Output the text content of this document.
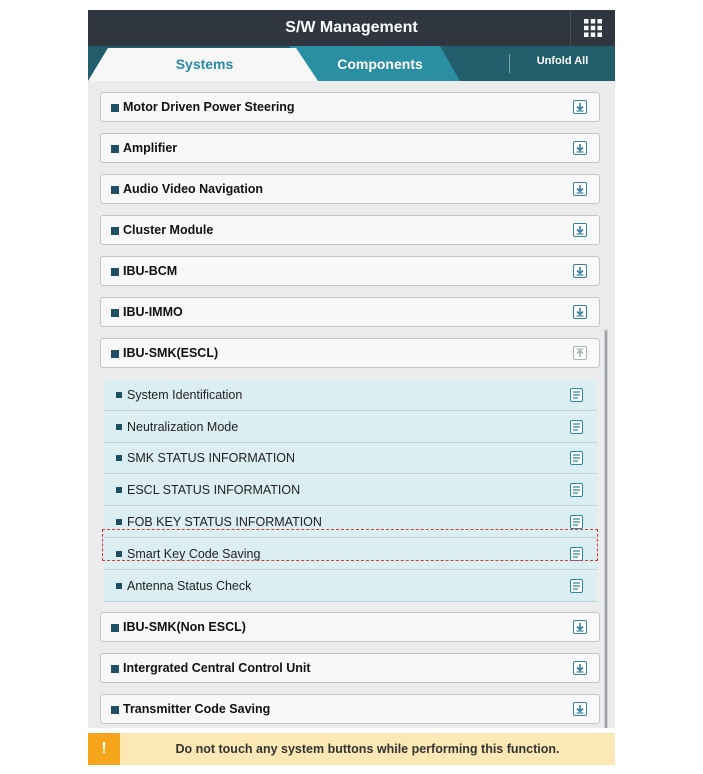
S/W Management
Systems	Components	Unfold All
Motor Driven Power Steering
Amplifier
Audio Video Navigation
Cluster Module
IBU-BCM
IBU-IMMO
IBU-SMK(ESCL)
System Identification
Neutralization Mode
SMK STATUS INFORMATION
ESCL STATUS INFORMATION
FOB KEY STATUS INFORMATION
Smart Key Code Saving
Antenna Status Check
IBU-SMK(Non ESCL)
Intergrated Central Control Unit
Transmitter Code Saving
!	Do not touch any system buttons while performing this function.
